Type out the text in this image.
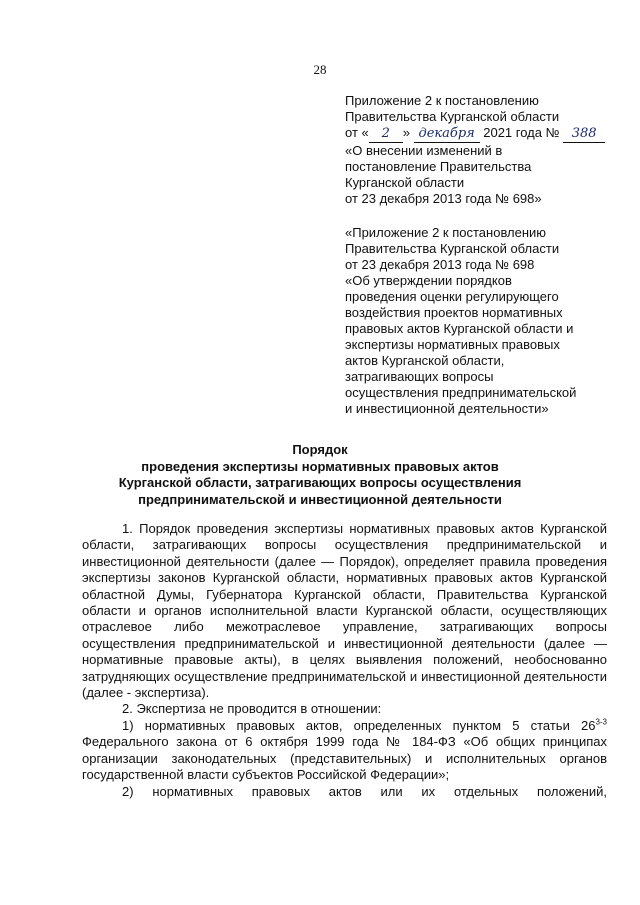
28
Приложение 2 к постановлению
Правительства Курганской области
от « 2 » декабря 2021 года № 388
«О внесении изменений в
постановление Правительства
Курганской области
от 23 декабря 2013 года № 698»
«Приложение 2 к постановлению
Правительства Курганской области
от 23 декабря 2013 года № 698
«Об утверждении порядков
проведения оценки регулирующего
воздействия проектов нормативных
правовых актов Курганской области и
экспертизы нормативных правовых
актов Курганской области,
затрагивающих вопросы
осуществления предпринимательской
и инвестиционной деятельности»
Порядок
проведения экспертизы нормативных правовых актов
Курганской области, затрагивающих вопросы осуществления
предпринимательской и инвестиционной деятельности

1. Порядок проведения экспертизы нормативных правовых актов Курганской области, затрагивающих вопросы осуществления предпринимательской и инвестиционной деятельности (далее — Порядок), определяет правила проведения экспертизы законов Курганской области, нормативных правовых актов Курганской областной Думы, Губернатора Курганской области, Правительства Курганской области и органов исполнительной власти Курганской области, осуществляющих отраслевое либо межотраслевое управление, затрагивающих вопросы осуществления предпринимательской и инвестиционной деятельности (далее — нормативные правовые акты), в целях выявления положений, необоснованно затрудняющих осуществление предпринимательской и инвестиционной деятельности (далее - экспертиза).

2. Экспертиза не проводится в отношении:

1) нормативных правовых актов, определенных пунктом 5 статьи 26$^{3-3}$ Федерального закона от 6 октября 1999 года № 184-ФЗ «Об общих принципах организации законодательных (представительных) и исполнительных органов государственной власти субъектов Российской Федерации»;

2) нормативных правовых актов или их отдельных положений,
